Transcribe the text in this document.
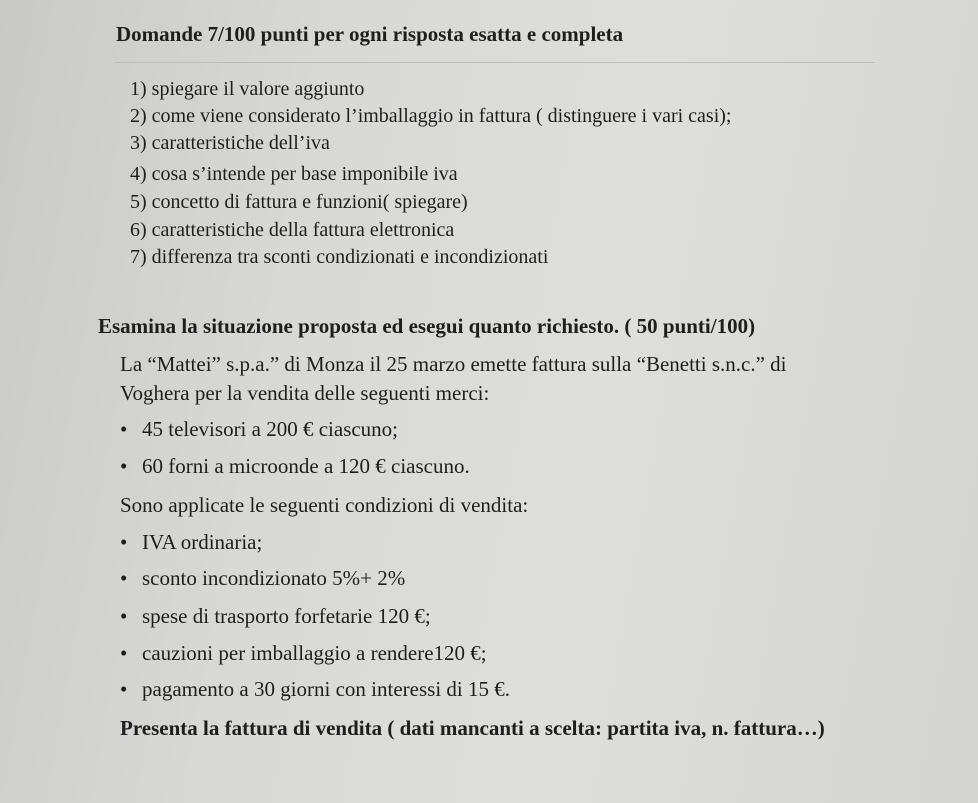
Domande 7/100 punti per ogni risposta esatta e completa
1) spiegare il valore aggiunto
2) come viene considerato l’imballaggio in fattura ( distinguere i vari casi);
3) caratteristiche dell’iva
4) cosa s’intende per base imponibile iva
5) concetto di fattura e funzioni( spiegare)
6) caratteristiche della fattura elettronica
7) differenza tra sconti condizionati e incondizionati
Esamina la situazione proposta ed esegui quanto richiesto. ( 50 punti/100)
La “Mattei” s.p.a.” di Monza il 25 marzo emette fattura sulla “Benetti s.n.c.” di
Voghera per la vendita delle seguenti merci:
• 45 televisori a 200 € ciascuno;
• 60 forni a microonde a 120 € ciascuno.
Sono applicate le seguenti condizioni di vendita:
• IVA ordinaria;
• sconto incondizionato 5%+ 2%
• spese di trasporto forfetarie 120 €;
• cauzioni per imballaggio a rendere120 €;
• pagamento a 30 giorni con interessi di 15 €.
Presenta la fattura di vendita ( dati mancanti a scelta: partita iva, n. fattura…)
